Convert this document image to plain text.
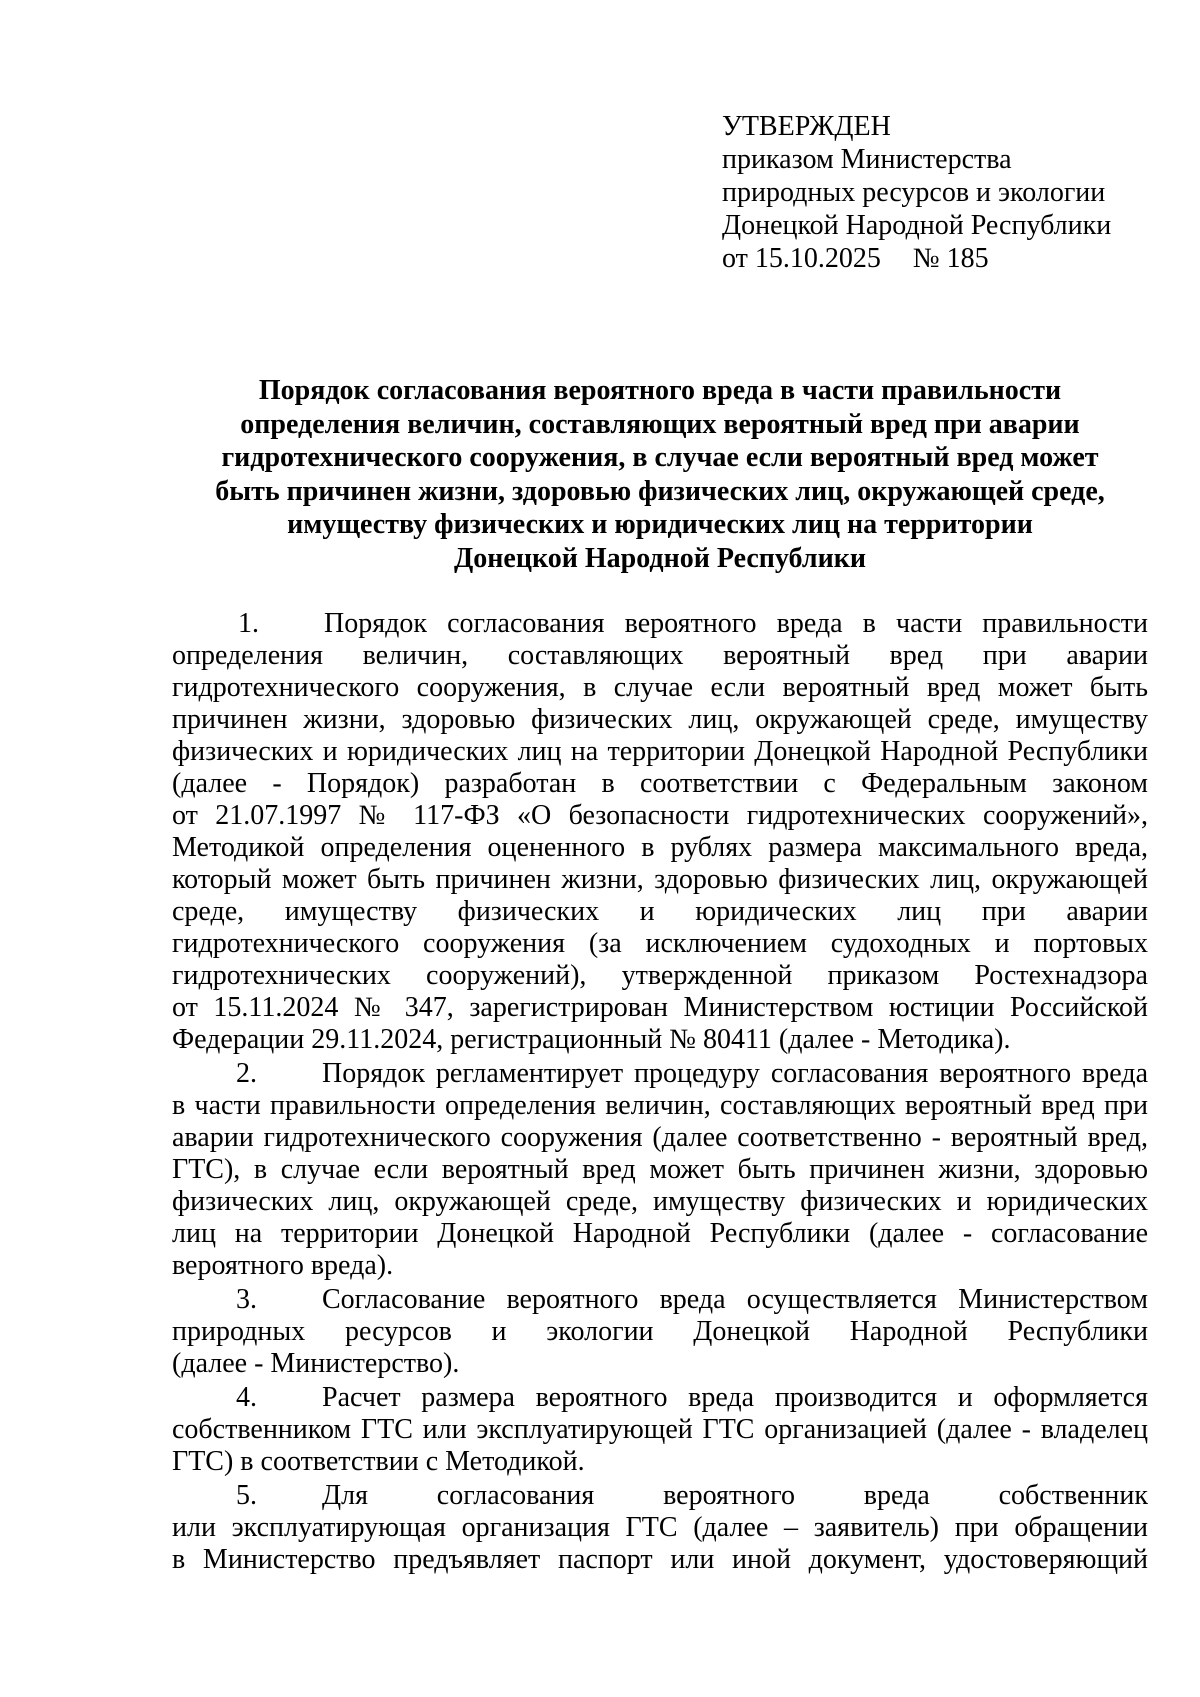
УТВЕРЖДЕН
приказом Министерства
природных ресурсов и экологии
Донецкой Народной Республики
от 15.10.2025 № 185
Порядок согласования вероятного вреда в части правильности
определения величин, составляющих вероятный вред при аварии
гидротехнического сооружения, в случае если вероятный вред может
быть причинен жизни, здоровью физических лиц, окружающей среде,
имуществу физических и юридических лиц на территории
Донецкой Народной Республики
1. Порядок согласования вероятного вреда в части правильности
определения величин, составляющих вероятный вред при аварии
гидротехнического сооружения, в случае если вероятный вред может быть
причинен жизни, здоровью физических лиц, окружающей среде, имуществу
физических и юридических лиц на территории Донецкой Народной Республики
(далее - Порядок) разработан в соответствии с Федеральным законом
от 21.07.1997 № 117-ФЗ «О безопасности гидротехнических сооружений»,
Методикой определения оцененного в рублях размера максимального вреда,
который может быть причинен жизни, здоровью физических лиц, окружающей
среде, имуществу физических и юридических лиц при аварии
гидротехнического сооружения (за исключением судоходных и портовых
гидротехнических сооружений), утвержденной приказом Ростехнадзора
от 15.11.2024 № 347, зарегистрирован Министерством юстиции Российской
Федерации 29.11.2024, регистрационный № 80411 (далее - Методика).
2. Порядок регламентирует процедуру согласования вероятного вреда
в части правильности определения величин, составляющих вероятный вред при
аварии гидротехнического сооружения (далее соответственно - вероятный вред,
ГТС), в случае если вероятный вред может быть причинен жизни, здоровью
физических лиц, окружающей среде, имуществу физических и юридических
лиц на территории Донецкой Народной Республики (далее - согласование
вероятного вреда).
3. Согласование вероятного вреда осуществляется Министерством
природных ресурсов и экологии Донецкой Народной Республики
(далее - Министерство).
4. Расчет размера вероятного вреда производится и оформляется
собственником ГТС или эксплуатирующей ГТС организацией (далее - владелец
ГТС) в соответствии с Методикой.
5. Для согласования вероятного вреда собственник
или эксплуатирующая организация ГТС (далее – заявитель) при обращении
в Министерство предъявляет паспорт или иной документ, удостоверяющий
